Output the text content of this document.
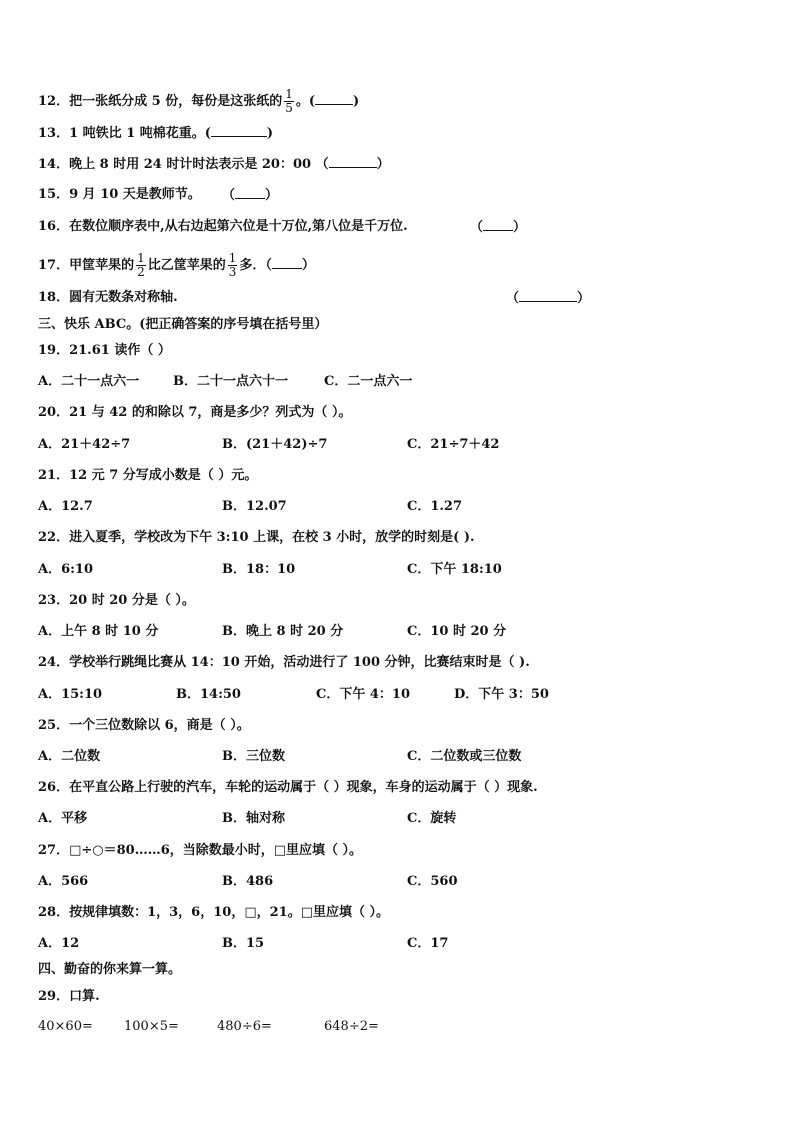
12．把一张纸分成 5 份，每份是这张纸的 $\frac{1}{5}$ 。(	)
13．1 吨铁比 1 吨棉花重。(	)
14．晚上 8 时用 24 时计时法表示是 20：00 （	）
15．9 月 10 天是教师节。 （ ）
16．在数位顺序表中,从右边起第六位是十万位,第八位是千万位.	（ ）
17．甲筐苹果的 $\frac{1}{2}$ 比乙筐苹果的 $\frac{1}{3}$ 多．（ ）
18．圆有无数条对称轴.	（	）
三、快乐 ABC。(把正确答案的序号填在括号里）
19．21.61 读作（ ）
A．二十一点六一	B．二十一点六十一	C．二一点六一
20．21 与 42 的和除以 7，商是多少？列式为（ ）。
A．21＋42÷7	B．(21＋42)÷7	C．21÷7＋42
21．12 元 7 分写成小数是（ ）元。
A．12.7	B．12.07	C．1.27
22．进入夏季，学校改为下午 3:10 上课，在校 3 小时，放学的时刻是( ).
A．6:10	B．18：10	C．下午 18:10
23．20 时 20 分是（ ）。
A．上午 8 时 10 分	B．晚上 8 时 20 分	C．10 时 20 分
24．学校举行跳绳比赛从 14：10 开始，活动进行了 100 分钟，比赛结束时是（ ).
A．15:10	B．14:50	C．下午 4：10	D．下午 3：50
25．一个三位数除以 6，商是（ ）。
A．二位数	B．三位数	C．二位数或三位数
26．在平直公路上行驶的汽车，车轮的运动属于（ ）现象，车身的运动属于（ ）现象.
A．平移	B．轴对称	C．旋转
27．□÷○＝80……6，当除数最小时，□里应填（ ）。
A．566	B．486	C．560
28．按规律填数：1，3，6，10，□，21。□里应填（ ）。
A．12	B．15	C．17
四、勤奋的你来算一算。
29．口算.
40×60= 100×5=	480÷6=	648÷2=
